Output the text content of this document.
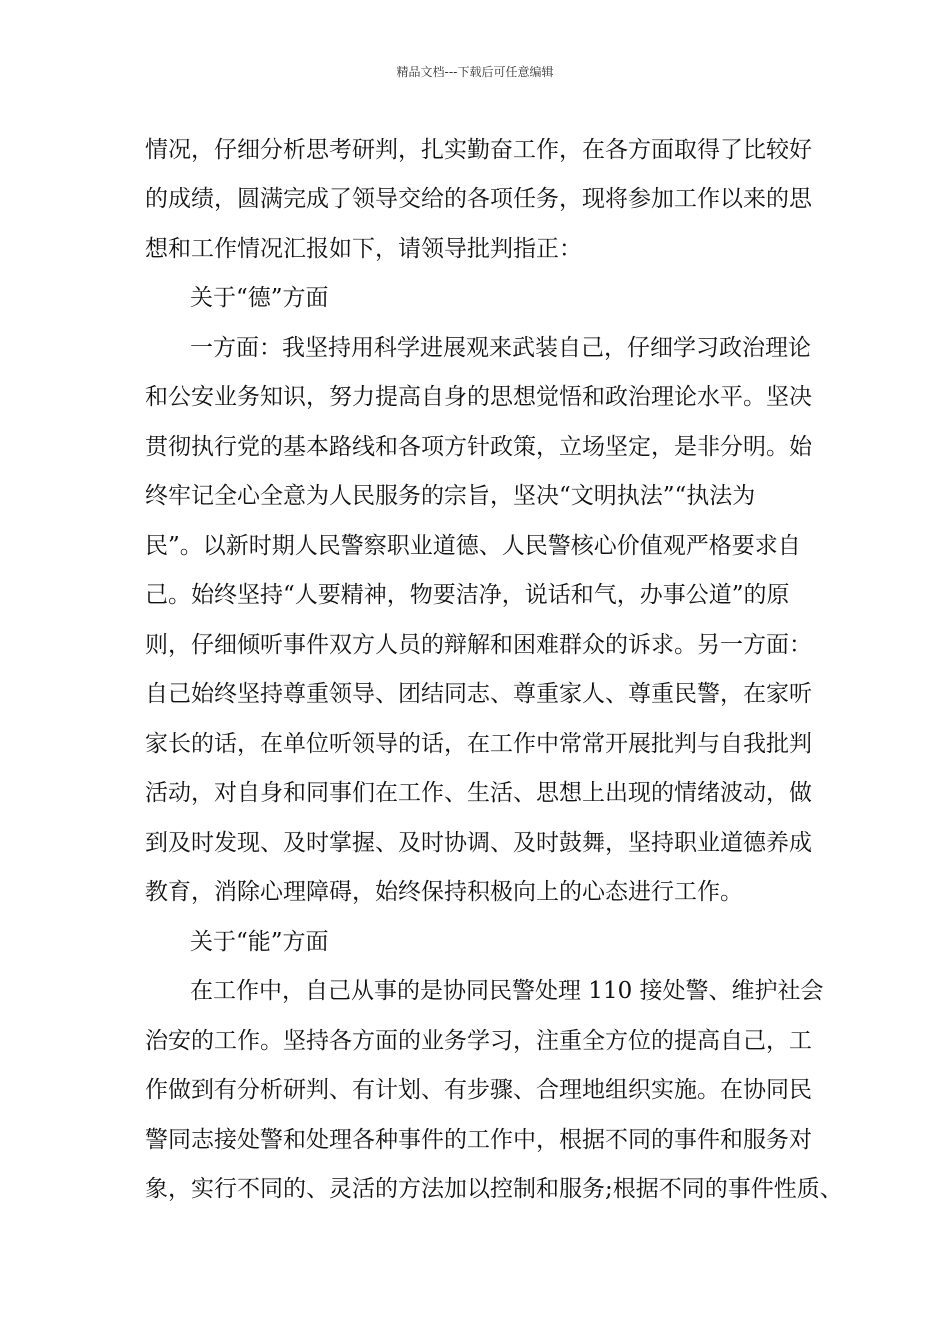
精品文档---下载后可任意编辑
情况，仔细分析思考研判，扎实勤奋工作，在各方面取得了比较好
的成绩，圆满完成了领导交给的各项任务，现将参加工作以来的思
想和工作情况汇报如下，请领导批判指正：
关于“德”方面
一方面：我坚持用科学进展观来武装自己，仔细学习政治理论
和公安业务知识，努力提高自身的思想觉悟和政治理论水平。坚决
贯彻执行党的基本路线和各项方针政策，立场坚定，是非分明。始
终牢记全心全意为人民服务的宗旨，坚决“文明执法”“执法为
民”。以新时期人民警察职业道德、人民警核心价值观严格要求自
己。始终坚持“人要精神，物要洁净，说话和气，办事公道”的原
则，仔细倾听事件双方人员的辩解和困难群众的诉求。另一方面：
自己始终坚持尊重领导、团结同志、尊重家人、尊重民警，在家听
家长的话，在单位听领导的话，在工作中常常开展批判与自我批判
活动，对自身和同事们在工作、生活、思想上出现的情绪波动，做
到及时发现、及时掌握、及时协调、及时鼓舞，坚持职业道德养成
教育，消除心理障碍，始终保持积极向上的心态进行工作。
关于“能”方面
在工作中，自己从事的是协同民警处理 110 接处警、维护社会
治安的工作。坚持各方面的业务学习，注重全方位的提高自己，工
作做到有分析研判、有计划、有步骤、合理地组织实施。在协同民
警同志接处警和处理各种事件的工作中，根据不同的事件和服务对
象，实行不同的、灵活的方法加以控制和服务;根据不同的事件性质、
